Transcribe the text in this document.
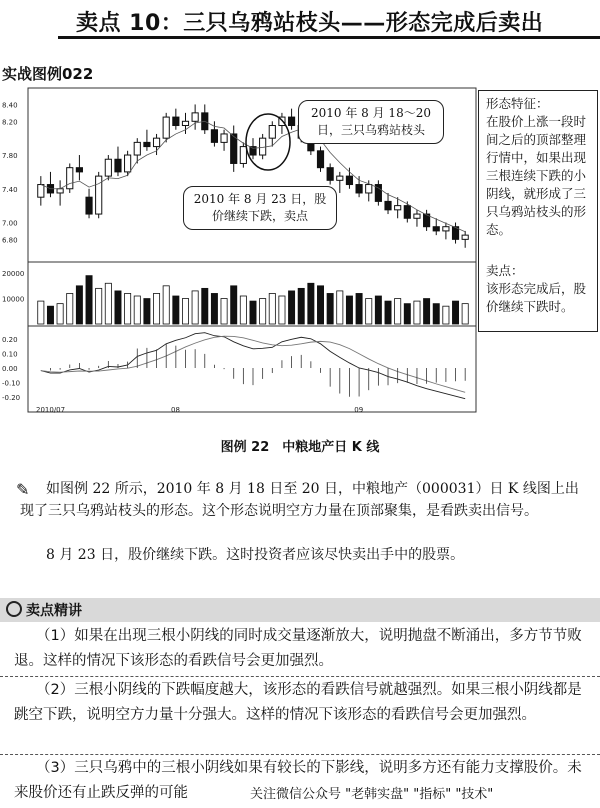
卖点 10：三只乌鸦站枝头——形态完成后卖出
实战图例022
8.40
8.20
7.80
7.40
7.00
6.80
20000
10000
0.20
0.10
0.00
-0.10
-0.20
2010/07	08	09
2010 年 8 月 18～20 日，三只乌鸦站枝头
2010 年 8 月 23 日，股价继续下跌，卖点
形态特征：
在股价上涨一段时间之后的顶部整理行情中，如果出现三根连续下跌的小阴线，就形成了三只乌鸦站枝头的形态。
卖点：
该形态完成后，股价继续下跌时。
图例 22　中粮地产日 K 线
✎	如图例 22 所示，2010 年 8 月 18 日至 20 日，中粮地产（000031）日 K 线图上出现了三只乌鸦站枝头的形态。这个形态说明空方力量在顶部聚集，是看跌卖出信号。
8 月 23 日，股价继续下跌。这时投资者应该尽快卖出手中的股票。
卖点精讲
（1）如果在出现三根小阴线的同时成交量逐渐放大，说明抛盘不断涌出，多方节节败退。这样的情况下该形态的看跌信号会更加强烈。
（2）三根小阴线的下跌幅度越大，该形态的看跌信号就越强烈。如果三根小阴线都是跳空下跌，说明空方力量十分强大。这样的情况下该形态的看跌信号会更加强烈。
（3）三只乌鸦中的三根小阴线如果有较长的下影线，说明多方还有能力支撑股价。未来股价还有止跌反弹的可能	关注微信公众号 "老韩实盘" "指标" "技术"
